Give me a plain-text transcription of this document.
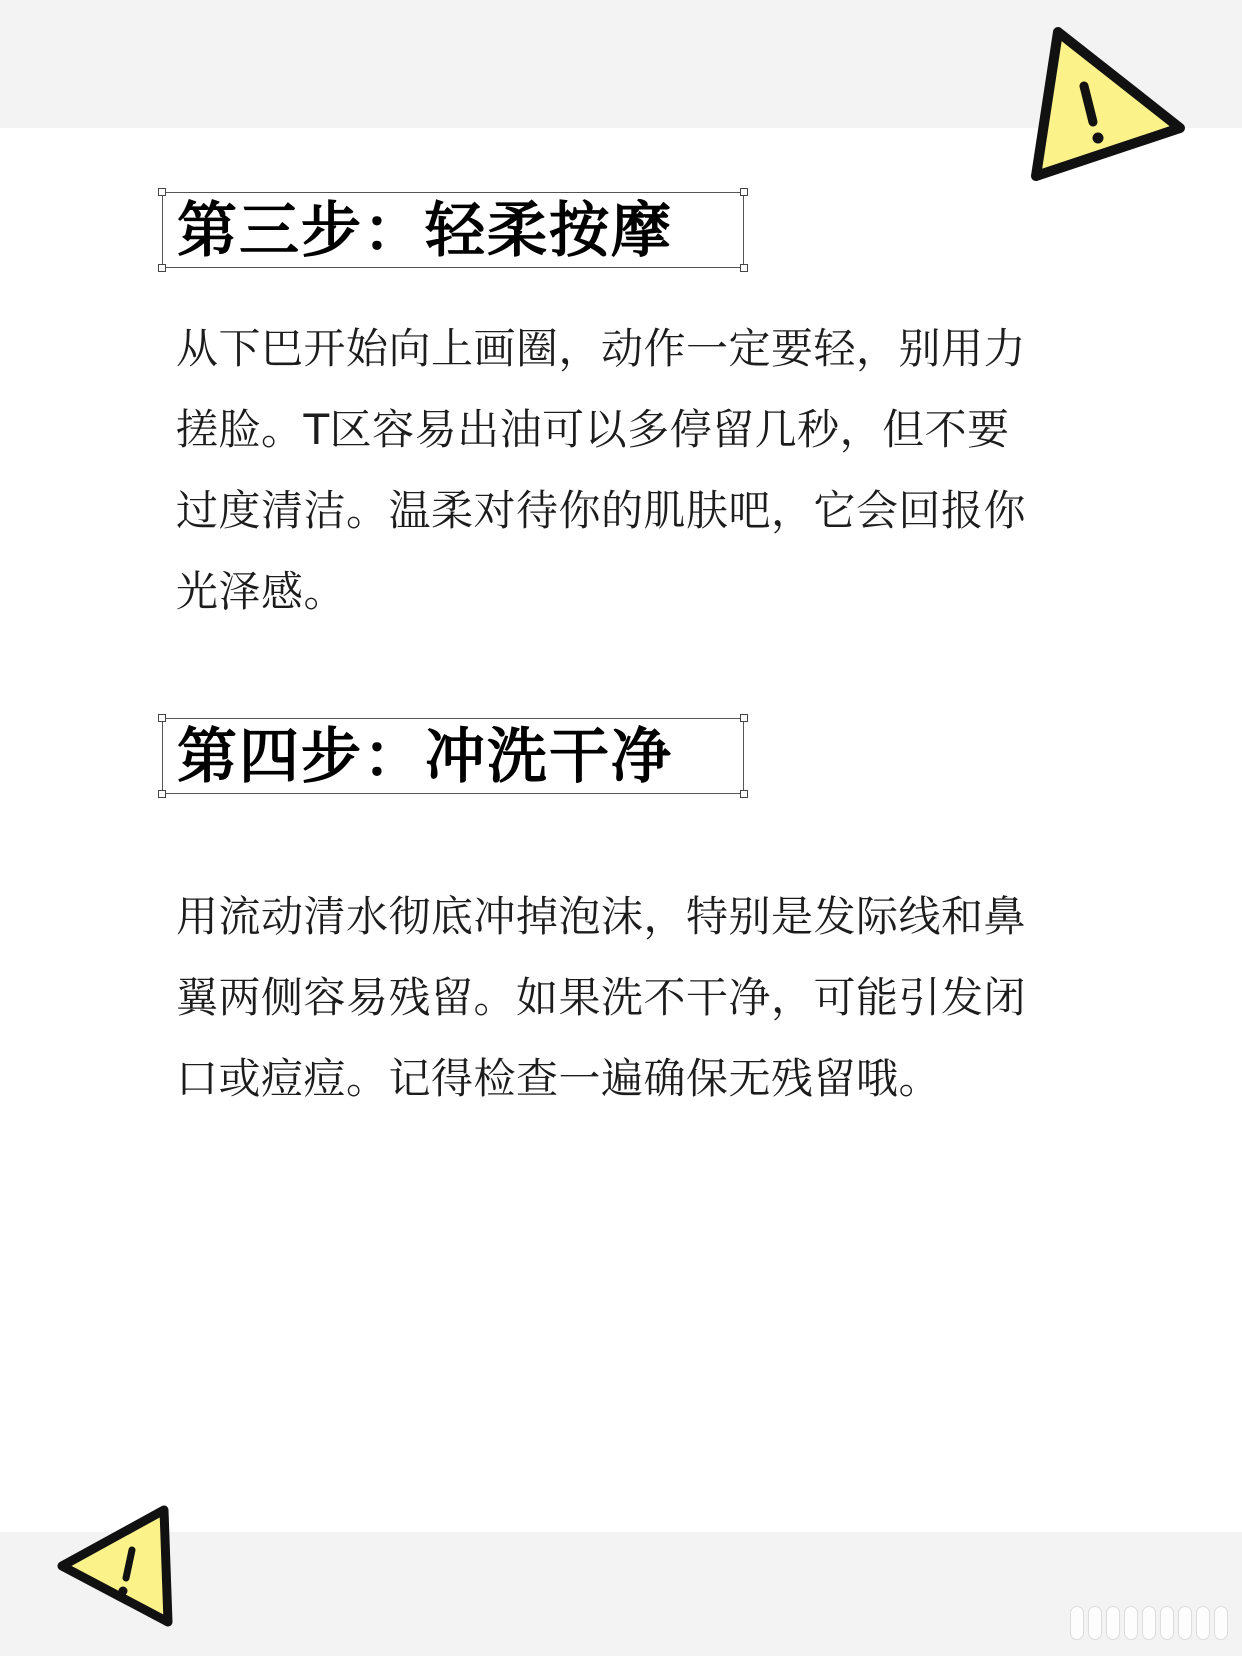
第三步：轻柔按摩
从下巴开始向上画圈，动作一定要轻，别用力
搓脸。T区容易出油可以多停留几秒，但不要
过度清洁。温柔对待你的肌肤吧，它会回报你
光泽感。
第四步：冲洗干净
用流动清水彻底冲掉泡沫，特别是发际线和鼻
翼两侧容易残留。如果洗不干净，可能引发闭
口或痘痘。记得检查一遍确保无残留哦。
